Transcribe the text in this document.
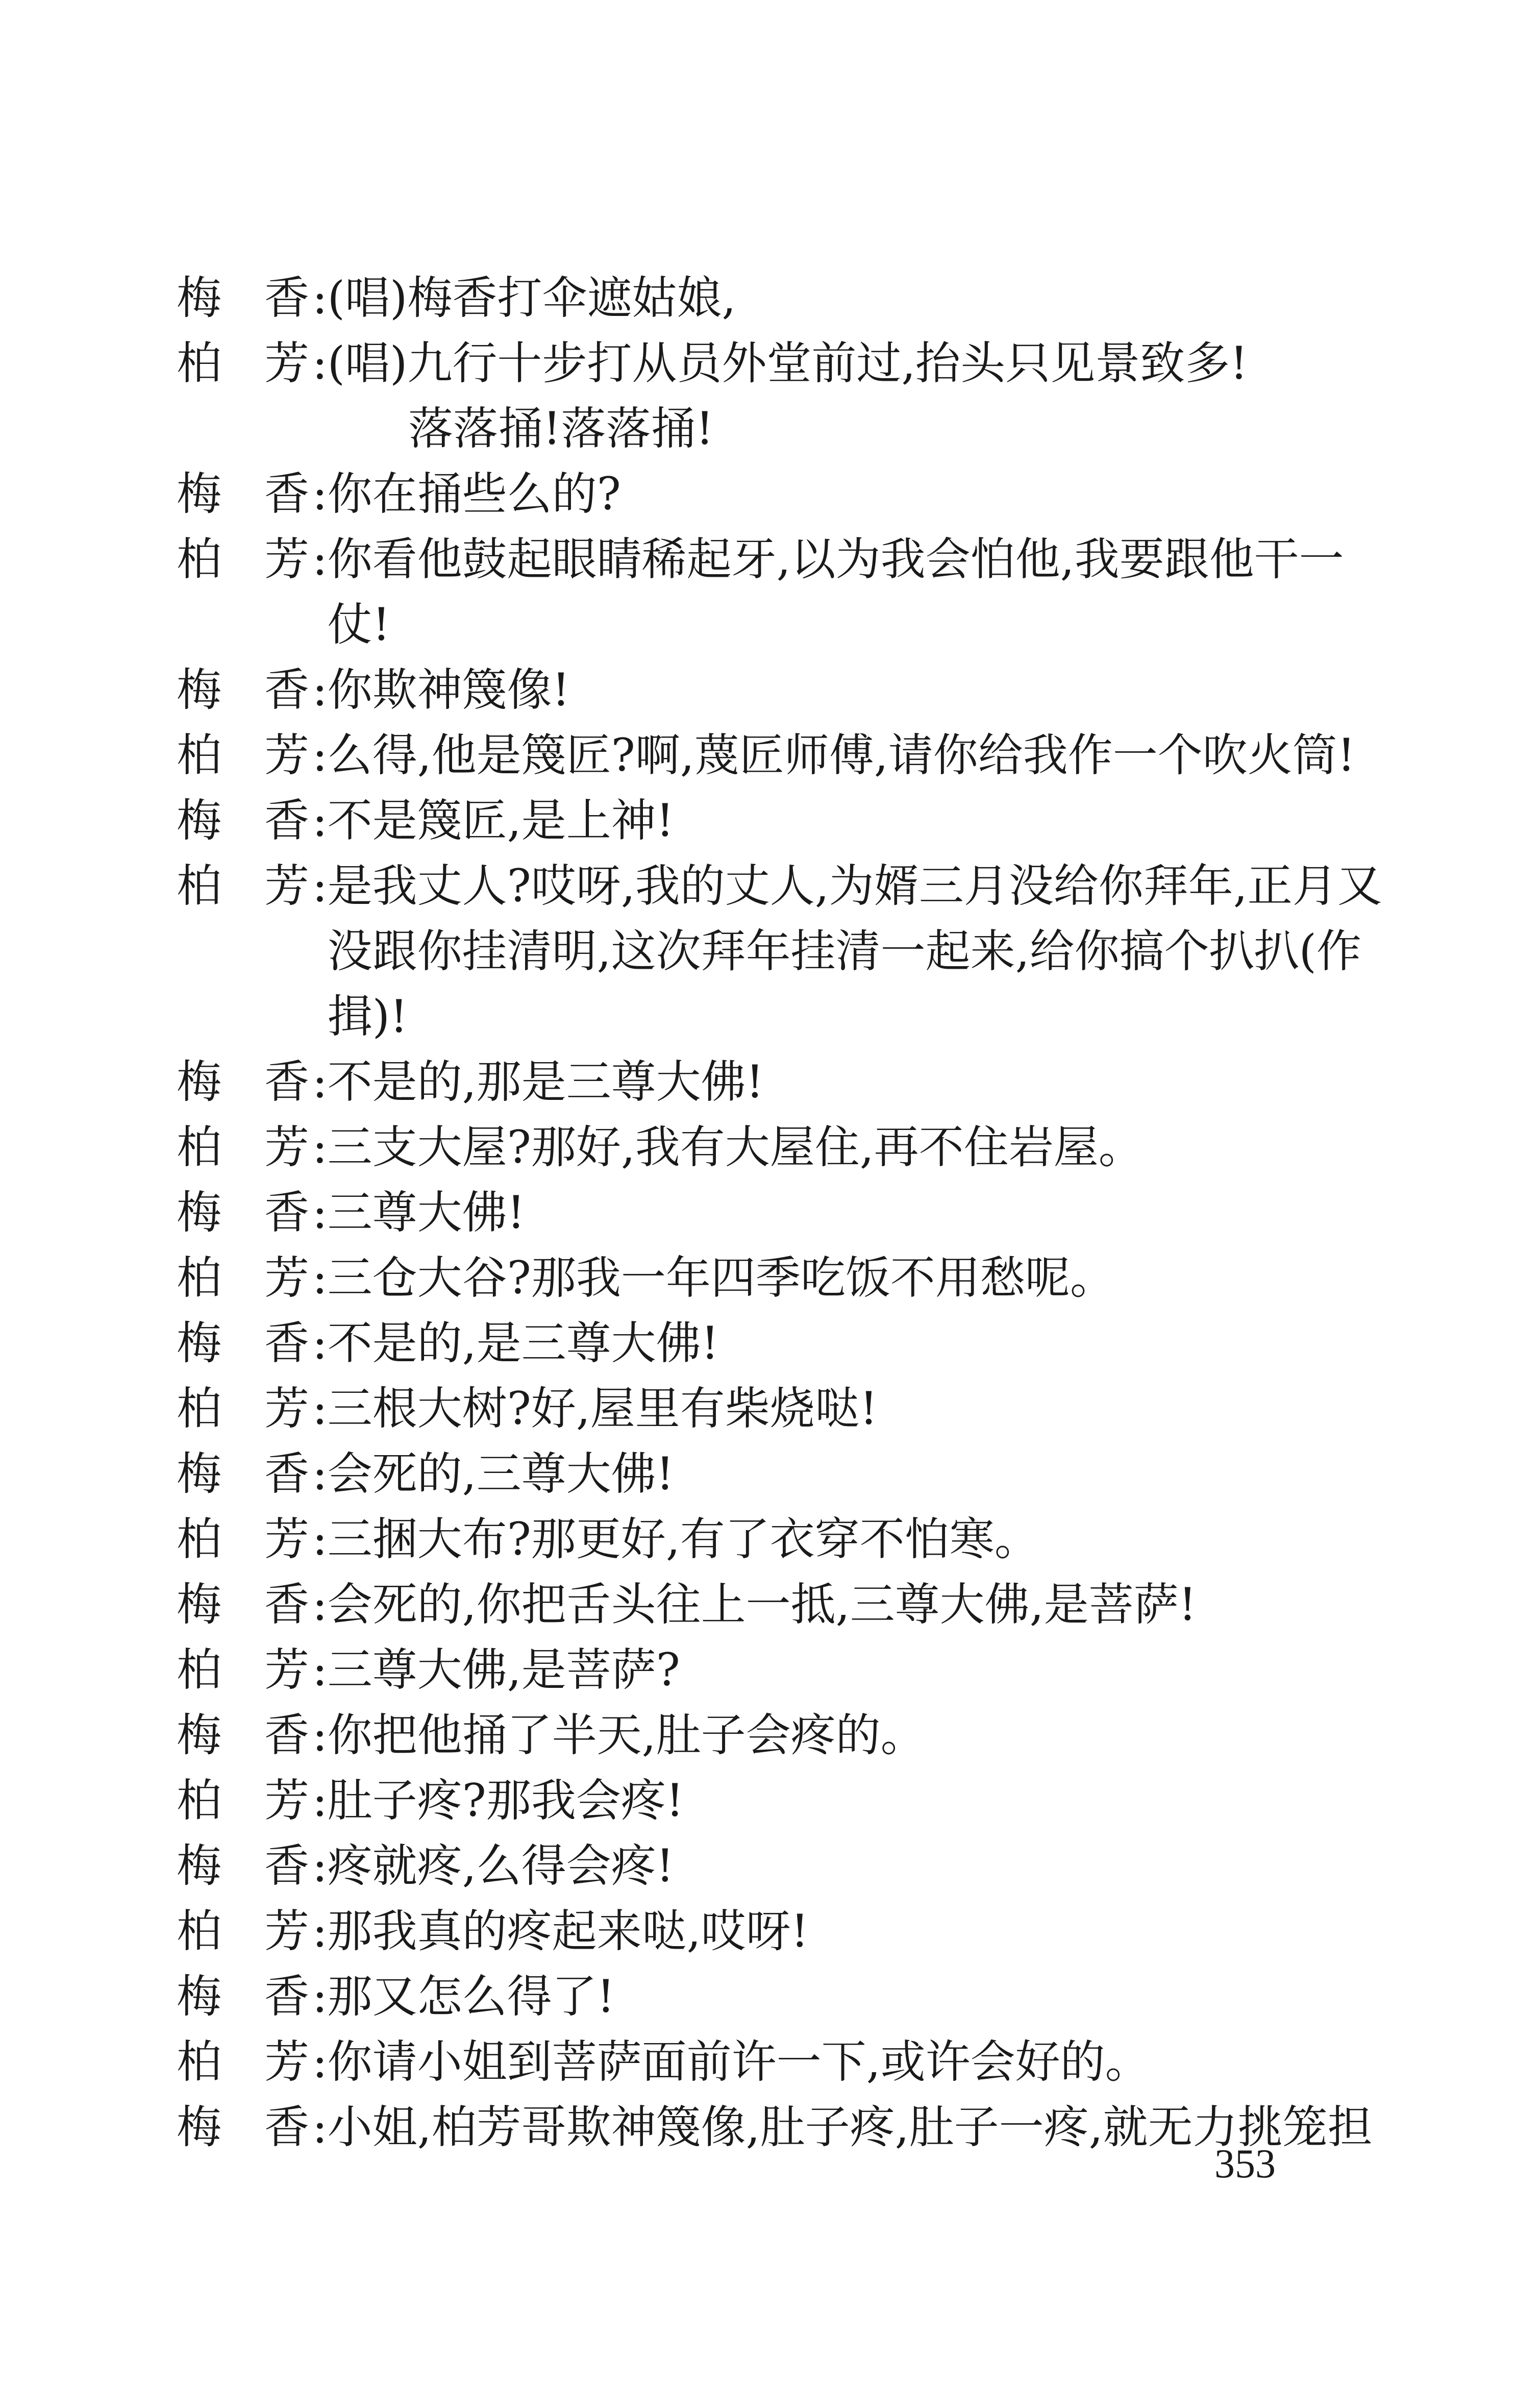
梅 香 : (唱)梅香打伞遮姑娘,
柏 芳 : (唱)九行十步打从员外堂前过,抬头只见景致多!
落落捅!落落捅!
梅 香 : 你在捅些么的?
柏 芳 : 你看他鼓起眼睛稀起牙,以为我会怕他,我要跟他干一仗!
梅 香 : 你欺神篾像!
柏 芳 : 么得,他是篾匠?啊,蔑匠师傅,请你给我作一个吹火筒!
梅 香 : 不是篾匠,是上神!
柏 芳 : 是我丈人?哎呀,我的丈人,为婿三月没给你拜年,正月又没跟你挂清明,这次拜年挂清一起来,给你搞个扒扒(作揖)!
梅 香 : 不是的,那是三尊大佛!
柏 芳 : 三支大屋?那好,我有大屋住,再不住岩屋。
梅 香 : 三尊大佛!
柏 芳 : 三仓大谷?那我一年四季吃饭不用愁呢。
梅 香 : 不是的,是三尊大佛!
柏 芳 : 三根大树?好,屋里有柴烧哒!
梅 香 : 会死的,三尊大佛!
柏 芳 : 三捆大布?那更好,有了衣穿不怕寒。
梅 香 : 会死的,你把舌头往上一抵,三尊大佛,是菩萨!
柏 芳 : 三尊大佛,是菩萨?
梅 香 : 你把他捅了半天,肚子会疼的。
柏 芳 : 肚子疼?那我会疼!
梅 香 : 疼就疼,么得会疼!
柏 芳 : 那我真的疼起来哒,哎呀!
梅 香 : 那又怎么得了!
柏 芳 : 你请小姐到菩萨面前许一下,或许会好的。
梅 香 : 小姐,柏芳哥欺神篾像,肚子疼,肚子一疼,就无力挑笼担
353
